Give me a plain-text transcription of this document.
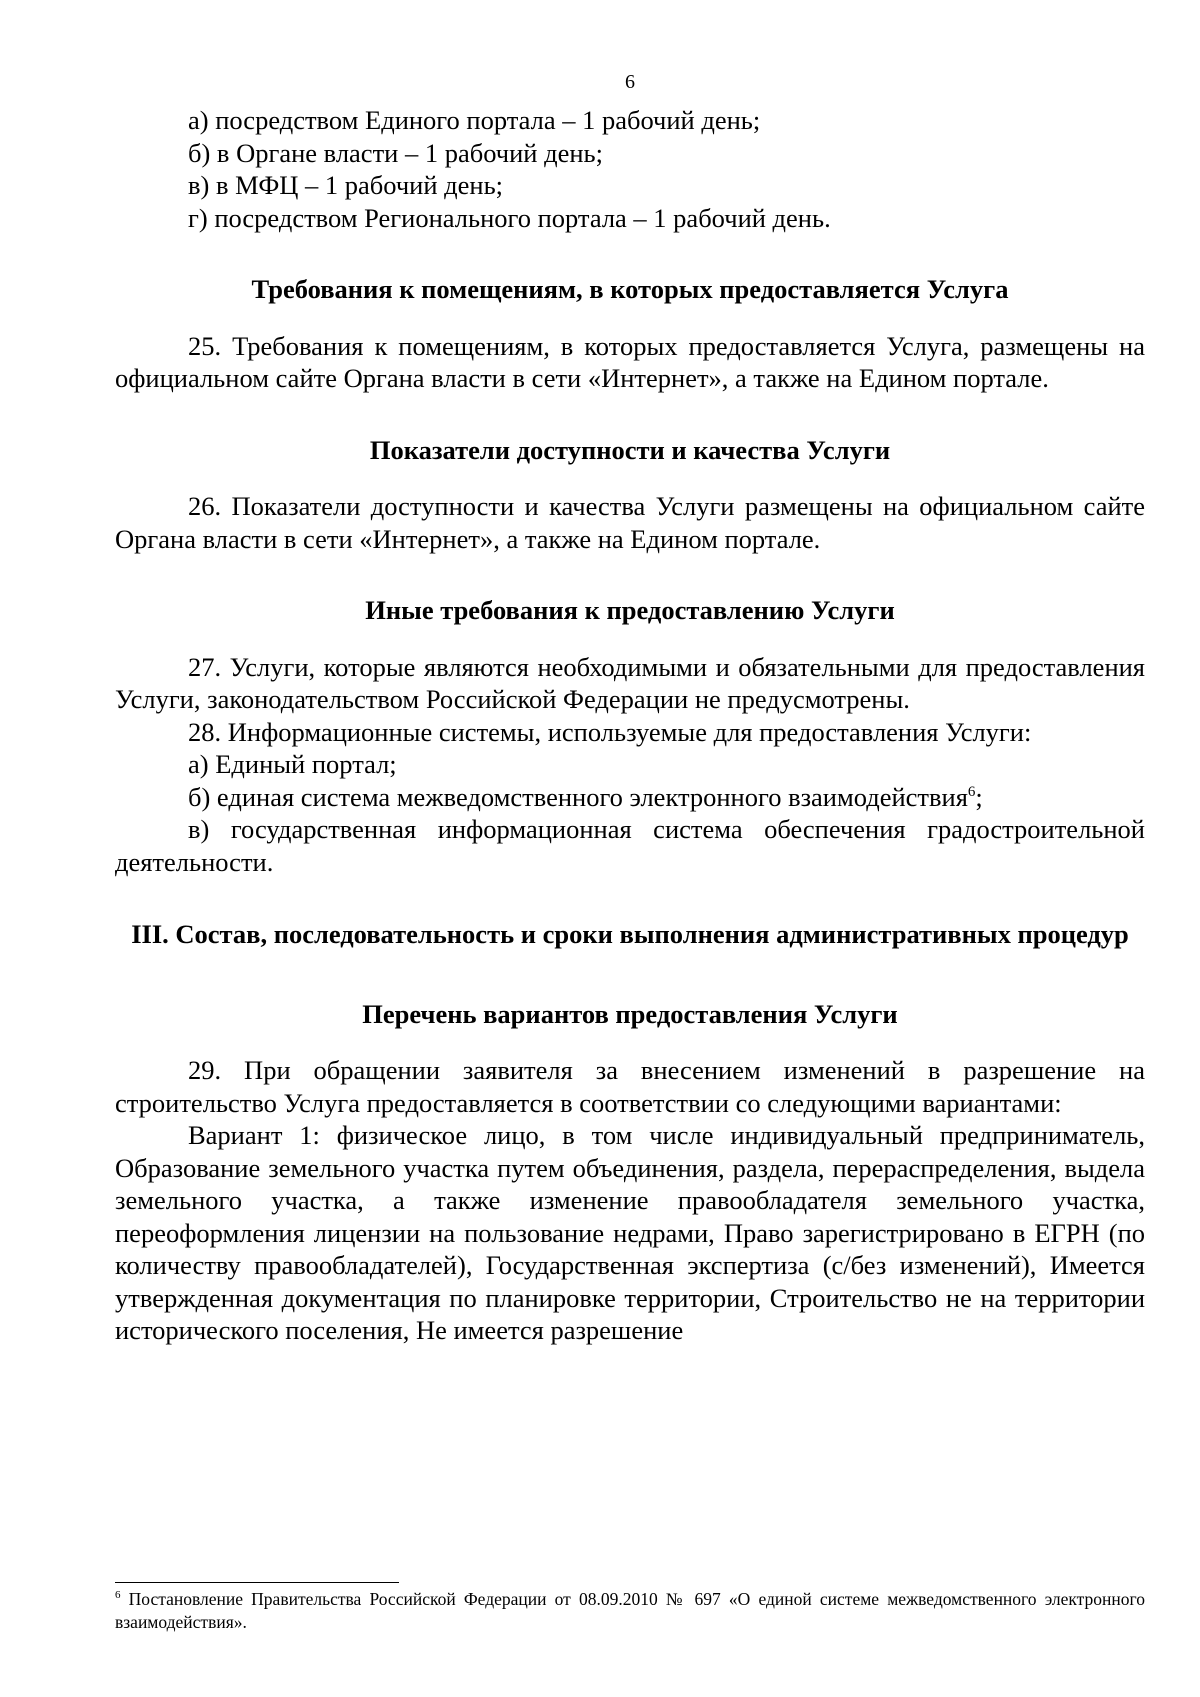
6

а) посредством Единого портала – 1 рабочий день;

б) в Органе власти – 1 рабочий день;

в) в МФЦ – 1 рабочий день;

г) посредством Регионального портала – 1 рабочий день.

Требования к помещениям, в которых предоставляется Услуга

25. Требования к помещениям, в которых предоставляется Услуга, размещены на официальном сайте Органа власти в сети «Интернет», а также на Едином портале.

Показатели доступности и качества Услуги

26. Показатели доступности и качества Услуги размещены на официальном сайте Органа власти в сети «Интернет», а также на Едином портале.

Иные требования к предоставлению Услуги

27. Услуги, которые являются необходимыми и обязательными для предоставления Услуги, законодательством Российской Федерации не предусмотрены.

28. Информационные системы, используемые для предоставления Услуги:

а) Единый портал;

б) единая система межведомственного электронного взаимодействия$^6$;

в) государственная информационная система обеспечения градостроительной деятельности.

III. Состав, последовательность и сроки выполнения административных процедур
Перечень вариантов предоставления Услуги

29. При обращении заявителя за внесением изменений в разрешение на строительство Услуга предоставляется в соответствии со следующими вариантами:

Вариант 1: физическое лицо, в том числе индивидуальный предприниматель, Образование земельного участка путем объединения, раздела, перераспределения, выдела земельного участка, а также изменение правообладателя земельного участка, переоформления лицензии на пользование недрами, Право зарегистрировано в ЕГРН (по количеству правообладателей), Государственная экспертиза (с/без изменений), Имеется утвержденная документация по планировке территории, Строительство не на территории исторического поселения, Не имеется разрешение

$^6$ Постановление Правительства Российской Федерации от 08.09.2010 № 697 «О единой системе межведомственного электронного взаимодействия».
